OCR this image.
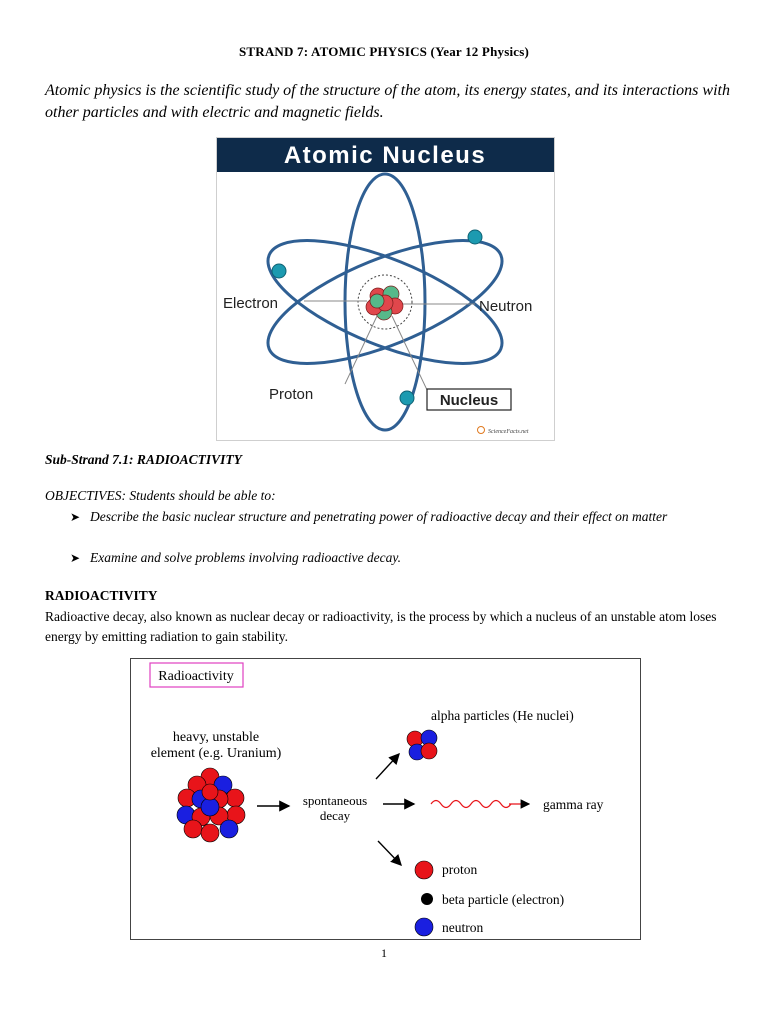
STRAND 7: ATOMIC PHYSICS (Year 12 Physics)
Atomic physics is the scientific study of the structure of the atom, its energy states, and its interactions with other particles and with electric and magnetic fields.
Atomic Nucleus
Electron	Neutron
Proton	Nucleus
ScienceFacts.net
Sub-Strand 7.1: RADIOACTIVITY
OBJECTIVES: Students should be able to:
➤ Describe the basic nuclear structure and penetrating power of radioactive decay and their effect on matter
➤ Examine and solve problems involving radioactive decay.
RADIOACTIVITY
Radioactive decay, also known as nuclear decay or radioactivity, is the process by which a nucleus of an unstable atom loses energy by emitting radiation to gain stability.
Radioactivity
heavy, unstable
element (e.g. Uranium)
spontaneous
decay
alpha particles (He nuclei)
gamma ray
proton
beta particle (electron)
neutron
1
